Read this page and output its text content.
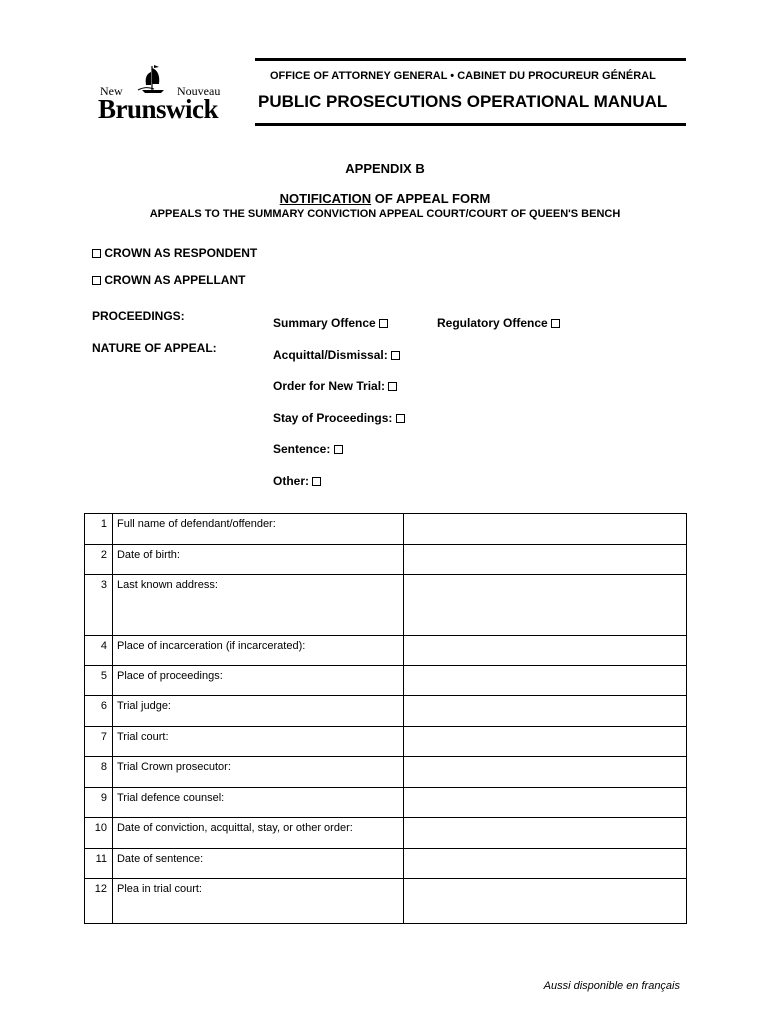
New	Nouveau
Brunswick
OFFICE OF ATTORNEY GENERAL • CABINET DU PROCUREUR GÉNÉRAL
PUBLIC PROSECUTIONS OPERATIONAL MANUAL
APPENDIX B
NOTIFICATION OF APPEAL FORM
APPEALS TO THE SUMMARY CONVICTION APPEAL COURT/COURT OF QUEEN'S BENCH
CROWN AS RESPONDENT
CROWN AS APPELLANT
PROCEEDINGS:	Summary Offence	Regulatory Offence
NATURE OF APPEAL:	Acquittal/Dismissal:
Order for New Trial:
Stay of Proceedings:
Sentence:
Other:
1	Full name of defendant/offender:	
2	Date of birth:	
3	Last known address:	
4	Place of incarceration (if incarcerated):	
5	Place of proceedings:	
6	Trial judge:	
7	Trial court:	
8	Trial Crown prosecutor:	
9	Trial defence counsel:	
10	Date of conviction, acquittal, stay, or other order:	
11	Date of sentence:	
12	Plea in trial court:	
Aussi disponible en français
